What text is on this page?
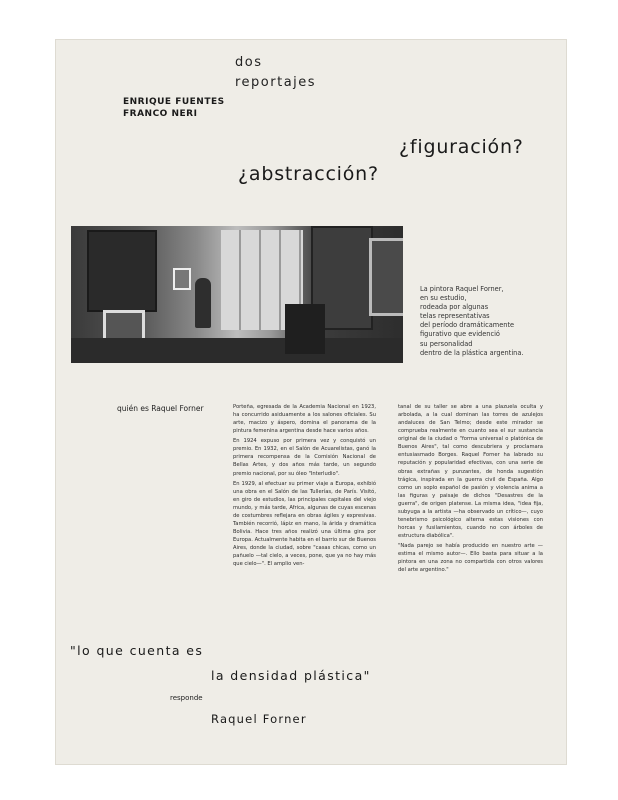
dos
reportajes
ENRIQUE FUENTES
FRANCO NERI
¿figuración?
¿abstracción?
La pintora Raquel Forner,
en su estudio,
rodeada por algunas
telas representativas
del período dramáticamente
figurativo que evidenció
su personalidad
dentro de la plástica argentina.
quién es Raquel Forner	Porteña, egresada de la Academia Nacional en 1923, ha concurrido asiduamente a los salones oficiales. Su arte, macizo y áspero, domina el panorama de la pintura femenina argentina desde hace varios años.

En 1924 expuso por primera vez y conquistó un premio. En 1932, en el Salón de Acuarelistas, ganó la primera recompensa de la Comisión Nacional de Bellas Artes, y dos años más tarde, un segundo premio nacional, por su óleo "Interludio".

En 1929, al efectuar su primer viaje a Europa, exhibió una obra en el Salón de las Tullerías, de París. Visitó, en giro de estudios, las principales capitales del viejo mundo, y más tarde, Africa, algunas de cuyas escenas de costumbres reflejara en obras ágiles y expresivas. También recorrió, lápiz en mano, la árida y dramática Bolivia. Hace tres años realizó una última gira por Europa. Actualmente habita en el barrio sur de Buenos Aires, donde la ciudad, sobre "casas chicas, como un pañuelo —tal cielo, a veces, pone, que ya no hay más que cielo—". El amplio ven-

tanal de su taller se abre a una plazuela oculta y arbolada, a la cual dominan las torres de azulejos andaluces de San Telmo; desde este mirador se comprueba realmente en cuanto sea el sur sustancia original de la ciudad o "forma universal o platónica de Buenos Aires", tal como descubriera y proclamara entusiasmado Borges. Raquel Forner ha labrado su reputación y popularidad efectivas, con una serie de obras extrañas y punzantes, de honda sugestión trágica, inspirada en la guerra civil de España. Algo como un soplo español de pasión y violencia anima a las figuras y paisaje de dichos "Desastres de la guerra", de origen platense. La misma idea, "idea fija, subyuga a la artista —ha observado un crítico—, cuyo tenebrismo psicológico alterna estas visiones con horcas y fusilamientos, cuando no con árboles de estructura diabólica".

"Nada parejo se había producido en nuestro arte —estima el mismo autor—. Ello basta para situar a la pintora en una zona no compartida con otros valores del arte argentino."

"lo que cuenta es
la densidad plástica"
responde
Raquel Forner
